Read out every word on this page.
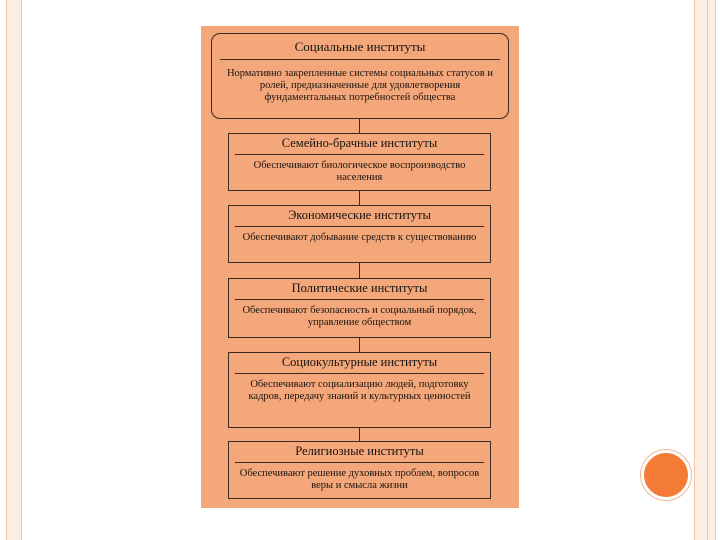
Социальные институты
Нормативно закрепленные системы социальных статусов и ролей, предназначенные для удовлетворения фундаментальных потребностей общества
Семейно-брачные институты
Обеспечивают биологическое воспроизводство населения
Экономические институты
Обеспечивают добывание средств к существованию
Политические институты
Обеспечивают безопасность и социальный порядок, управление обществом
Социокультурные институты
Обеспечивают социализацию людей, подготовку кадров, передачу знаний и культурных ценностей
Религиозные институты
Обеспечивают решение духовных проблем, вопросов веры и смысла жизни
